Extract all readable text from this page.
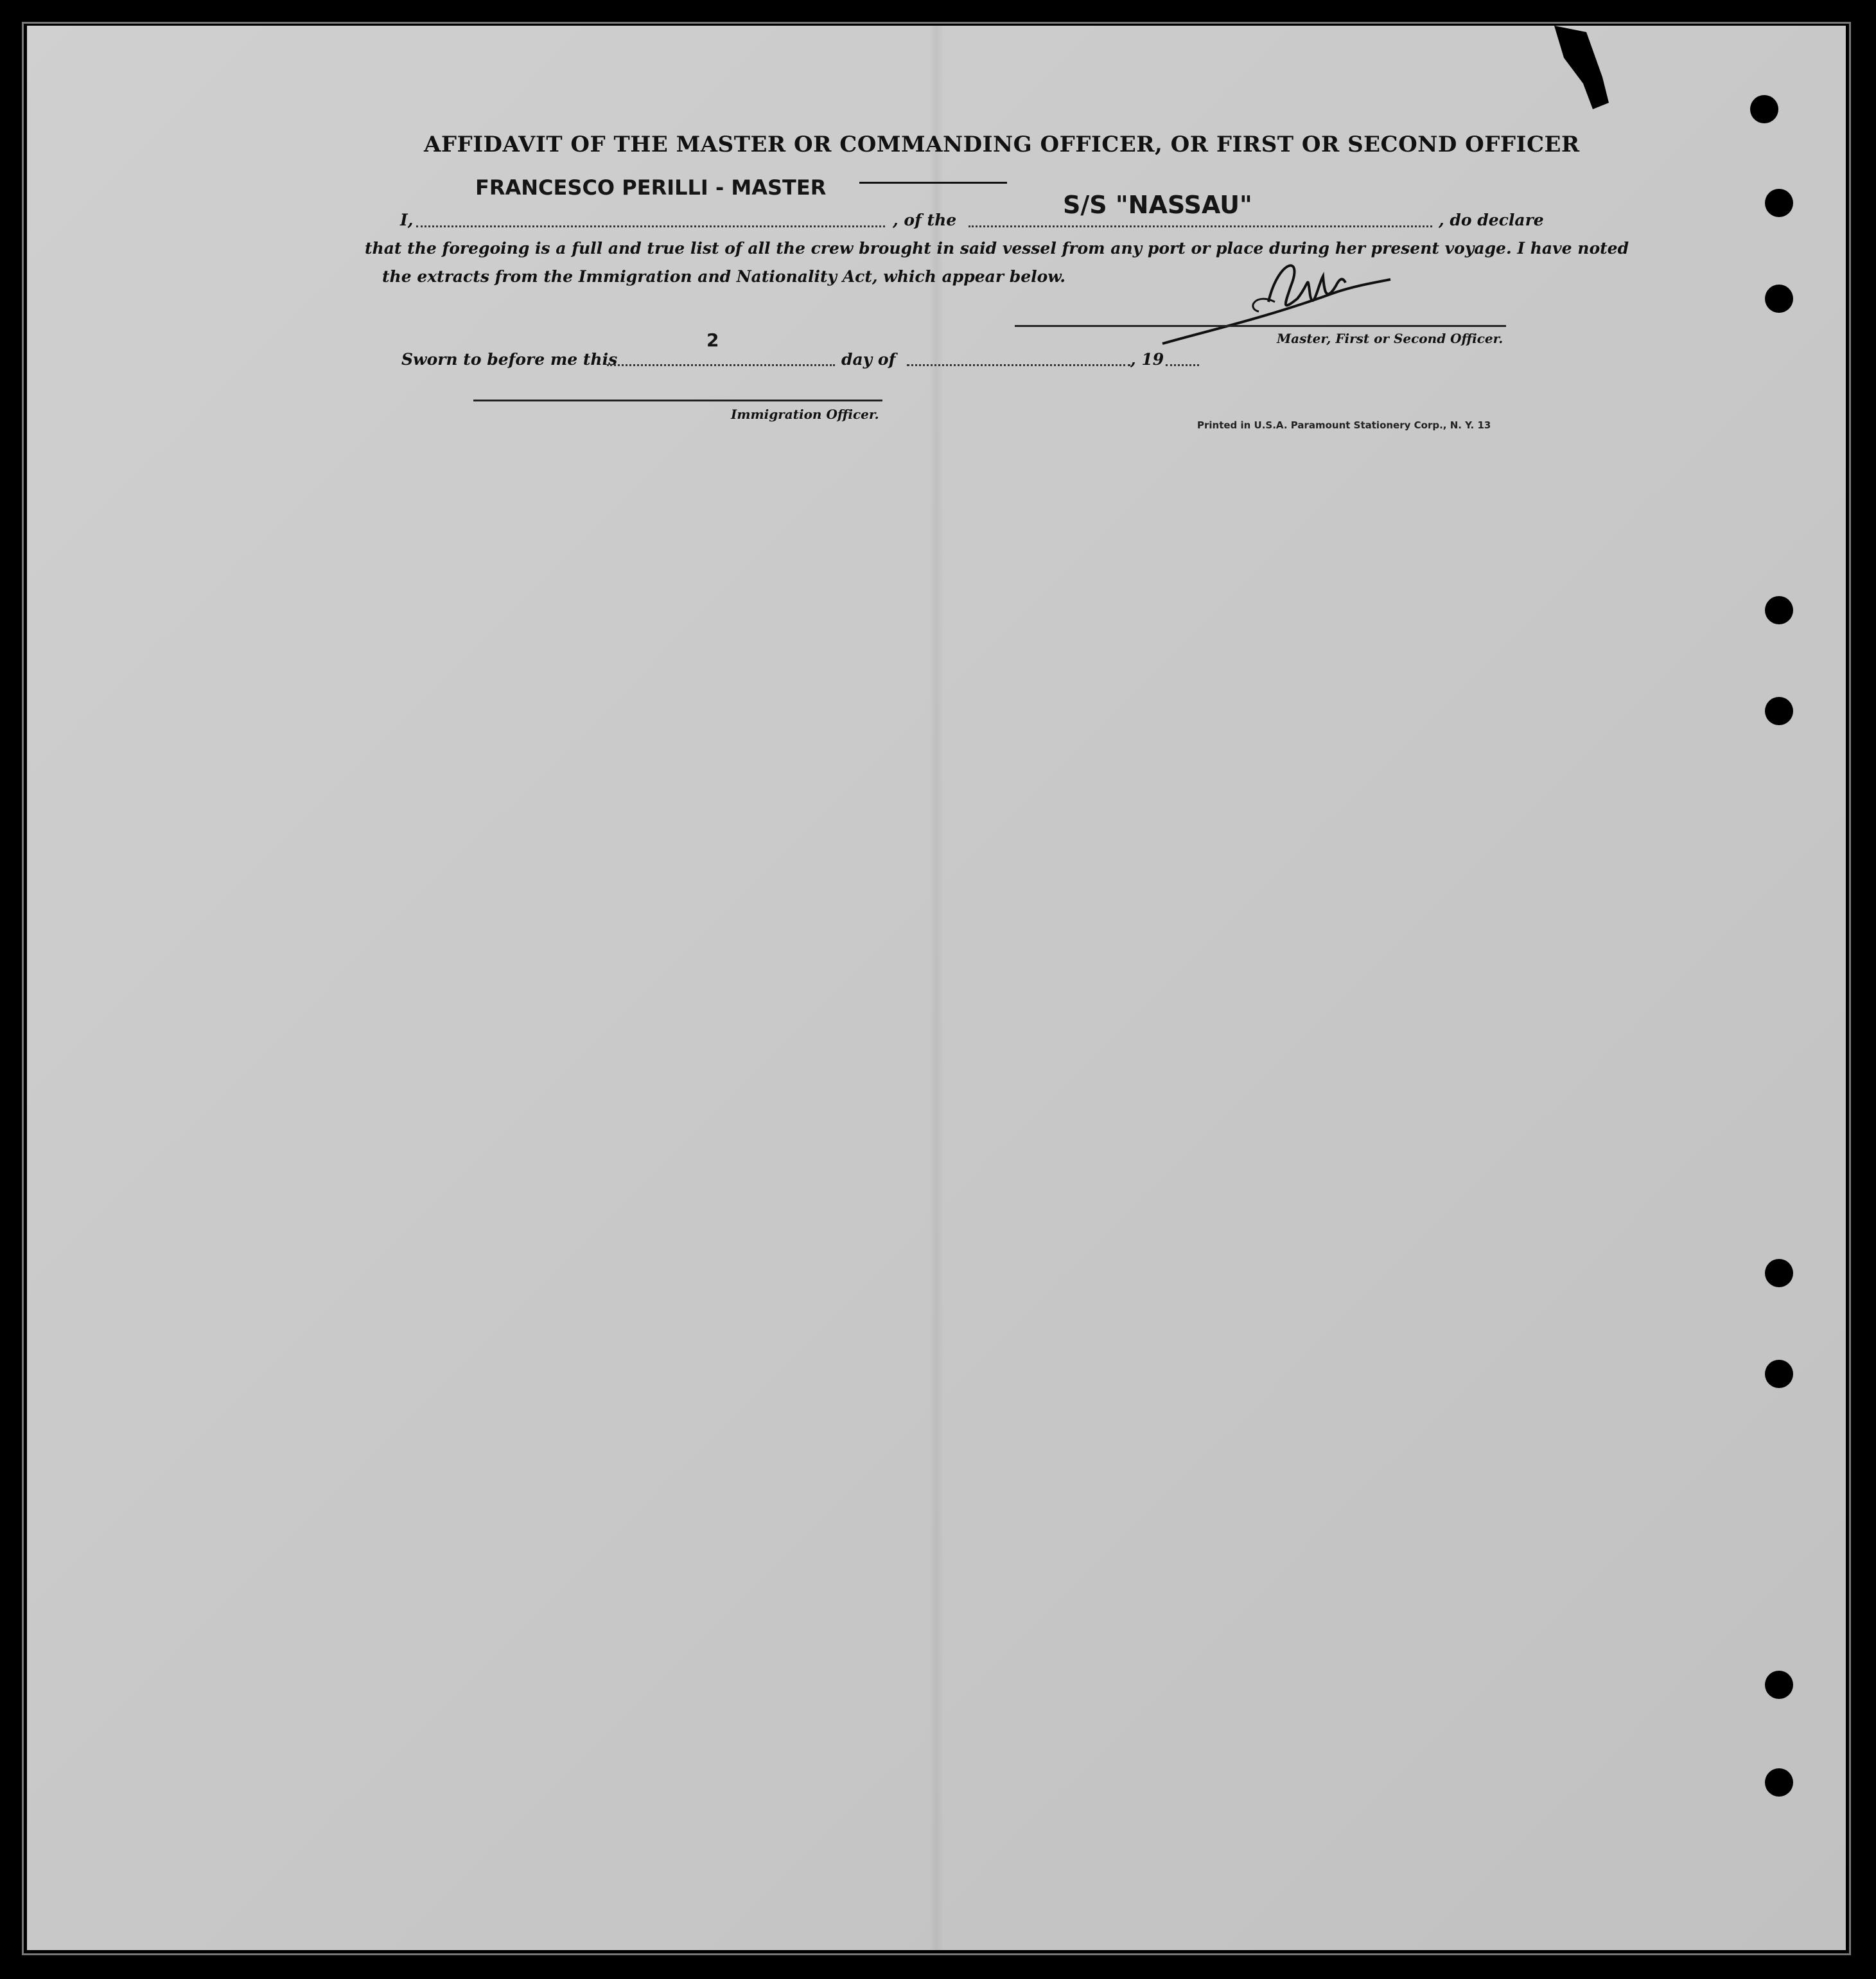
AFFIDAVIT OF THE MASTER OR COMMANDING OFFICER, OR FIRST OR SECOND OFFICER
FRANCESCO PERILLI - MASTER
S/S "NASSAU"
I,	, of the	, do declare
that the foregoing is a full and true list of all the crew brought in said vessel from any port or place during her present voyage. I have noted
the extracts from the Immigration and Nationality Act, which appear below.
Master, First or Second Officer.
Sworn to before me this
2
day of	, 19
Immigration Officer.
Printed in U.S.A. Paramount Stationery Corp., N. Y. 13
